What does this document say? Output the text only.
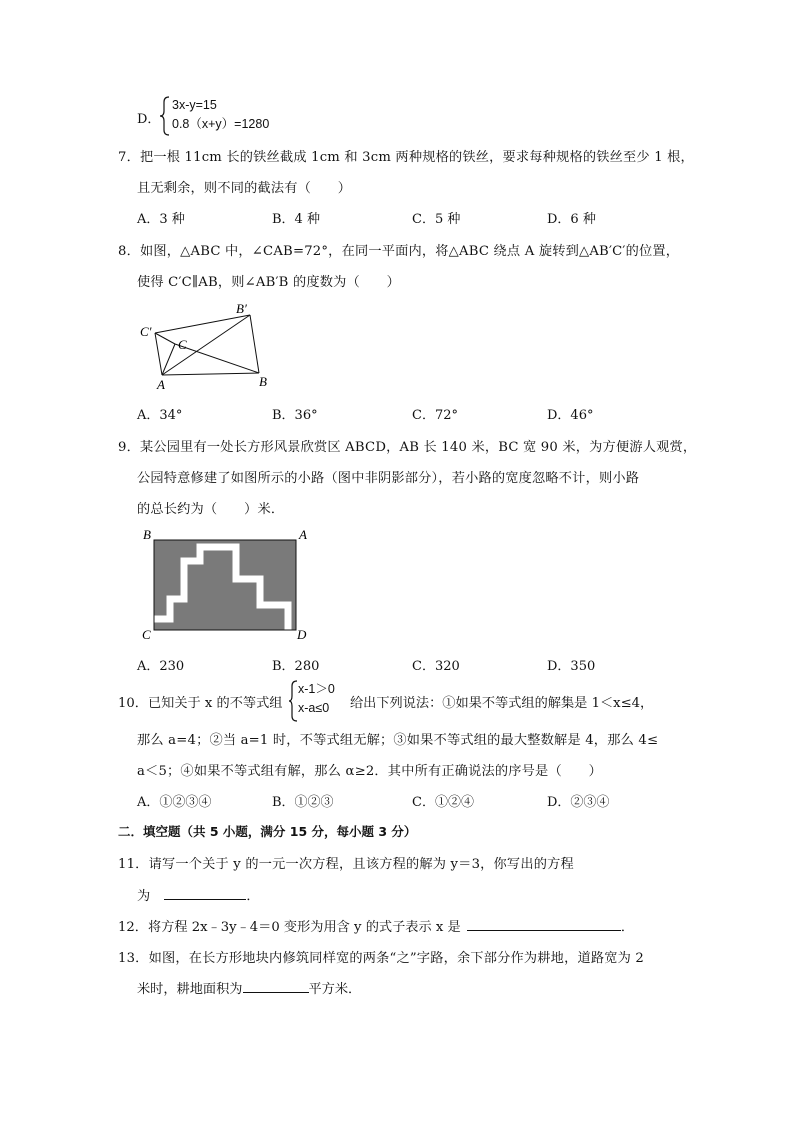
D．
3x-y=15
0.8（x+y）=1280
7．把一根 11cm 长的铁丝截成 1cm 和 3cm 两种规格的铁丝，要求每种规格的铁丝至少 1 根，
且无剩余，则不同的截法有（　　）
A．3 种	B．4 种	C．5 种	D．6 种
8．如图，△ABC 中，∠CAB=72°，在同一平面内，将△ABC 绕点 A 旋转到△AB′C′的位置，
使得 C′C∥AB，则∠AB′B 的度数为（　　）
C′
B′
C
A	B
A．34°	B．36°	C．72°	D．46°
9．某公园里有一处长方形风景欣赏区 ABCD，AB 长 140 米，BC 宽 90 米，为方便游人观赏，
公园特意修建了如图所示的小路（图中非阴影部分），若小路的宽度忽略不计，则小路
的总长约为（　　）米．
B	A
C	D
A．230	B．280	C．320	D．350
10．已知关于 x 的不等式组
x-1＞0
x-a≤0	给出下列说法：①如果不等式组的解集是 1＜x≤4，
那么 a=4；②当 a=1 时，不等式组无解；③如果不等式组的最大整数解是 4，那么 4≤
a＜5；④如果不等式组有解，那么 α≥2．其中所有正确说法的序号是（　　）
A．①②③④	B．①②③	C．①②④	D．②③④
二．填空题（共 5 小题，满分 15 分，每小题 3 分）
11．请写一个关于 y 的一元一次方程，且该方程的解为 y＝3，你写出的方程
为	．
12．将方程 2x﹣3y﹣4＝0 变形为用含 y 的式子表示 x 是	．
13．如图，在长方形地块内修筑同样宽的两条“之”字路，余下部分作为耕地，道路宽为 2
米时，耕地面积为	平方米．
